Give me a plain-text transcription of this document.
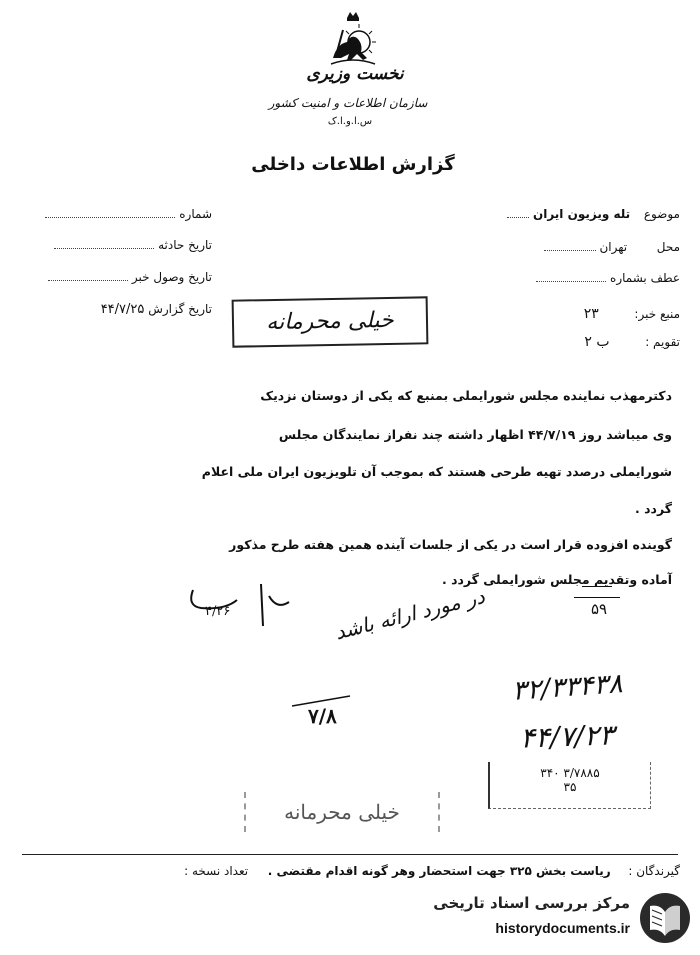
نخست وزیری
سازمان اطلاعات و امنیت کشور
س.ا.و.ا.ک
گزارش اطلاعات داخلی
موضوع  تله ویزیون ایران
محل  تهران
عطف بشماره
منبع خبر:  ۲۳
تقویم :  ب ۲
شماره
تاریخ حادثه
تاریخ وصول خبر
تاریخ گزارش ۴۴/۷/۲۵	خیلی محرمانه
دکترمهذب نماینده مجلس شورایملی بمنبع که یکی از دوستان نزدیک
وی میباشد روز ۴۴/۷/۱۹ اظهار داشته چند نفراز نمایندگان مجلس
شورایملی درصدد تهیه طرحی هستند که بموجب آن تلویزیون ایران ملی اعلام
گردد .
گوینده افزوده قرار است در یکی از جلسات آینده همین هفته طرح مذکور
آماده وتقدیم مجلس شورایملی گردد .
۵۹
۴/۲۶	در مورد ارائه باشد
۳۲/۳۳۴۳۸
۴۴/۷/۲۳
۷/۸
۳۴۰ ۳/۷۸۸۵
۳۵
خیلی محرمانه
گیرندگان :  ریاست بخش ۳۲۵ جهت استحضار وهر گونه اقدام مقتضی .  تعداد نسخه :
مرکز بررسی اسناد تاریخی
historydocuments.ir
